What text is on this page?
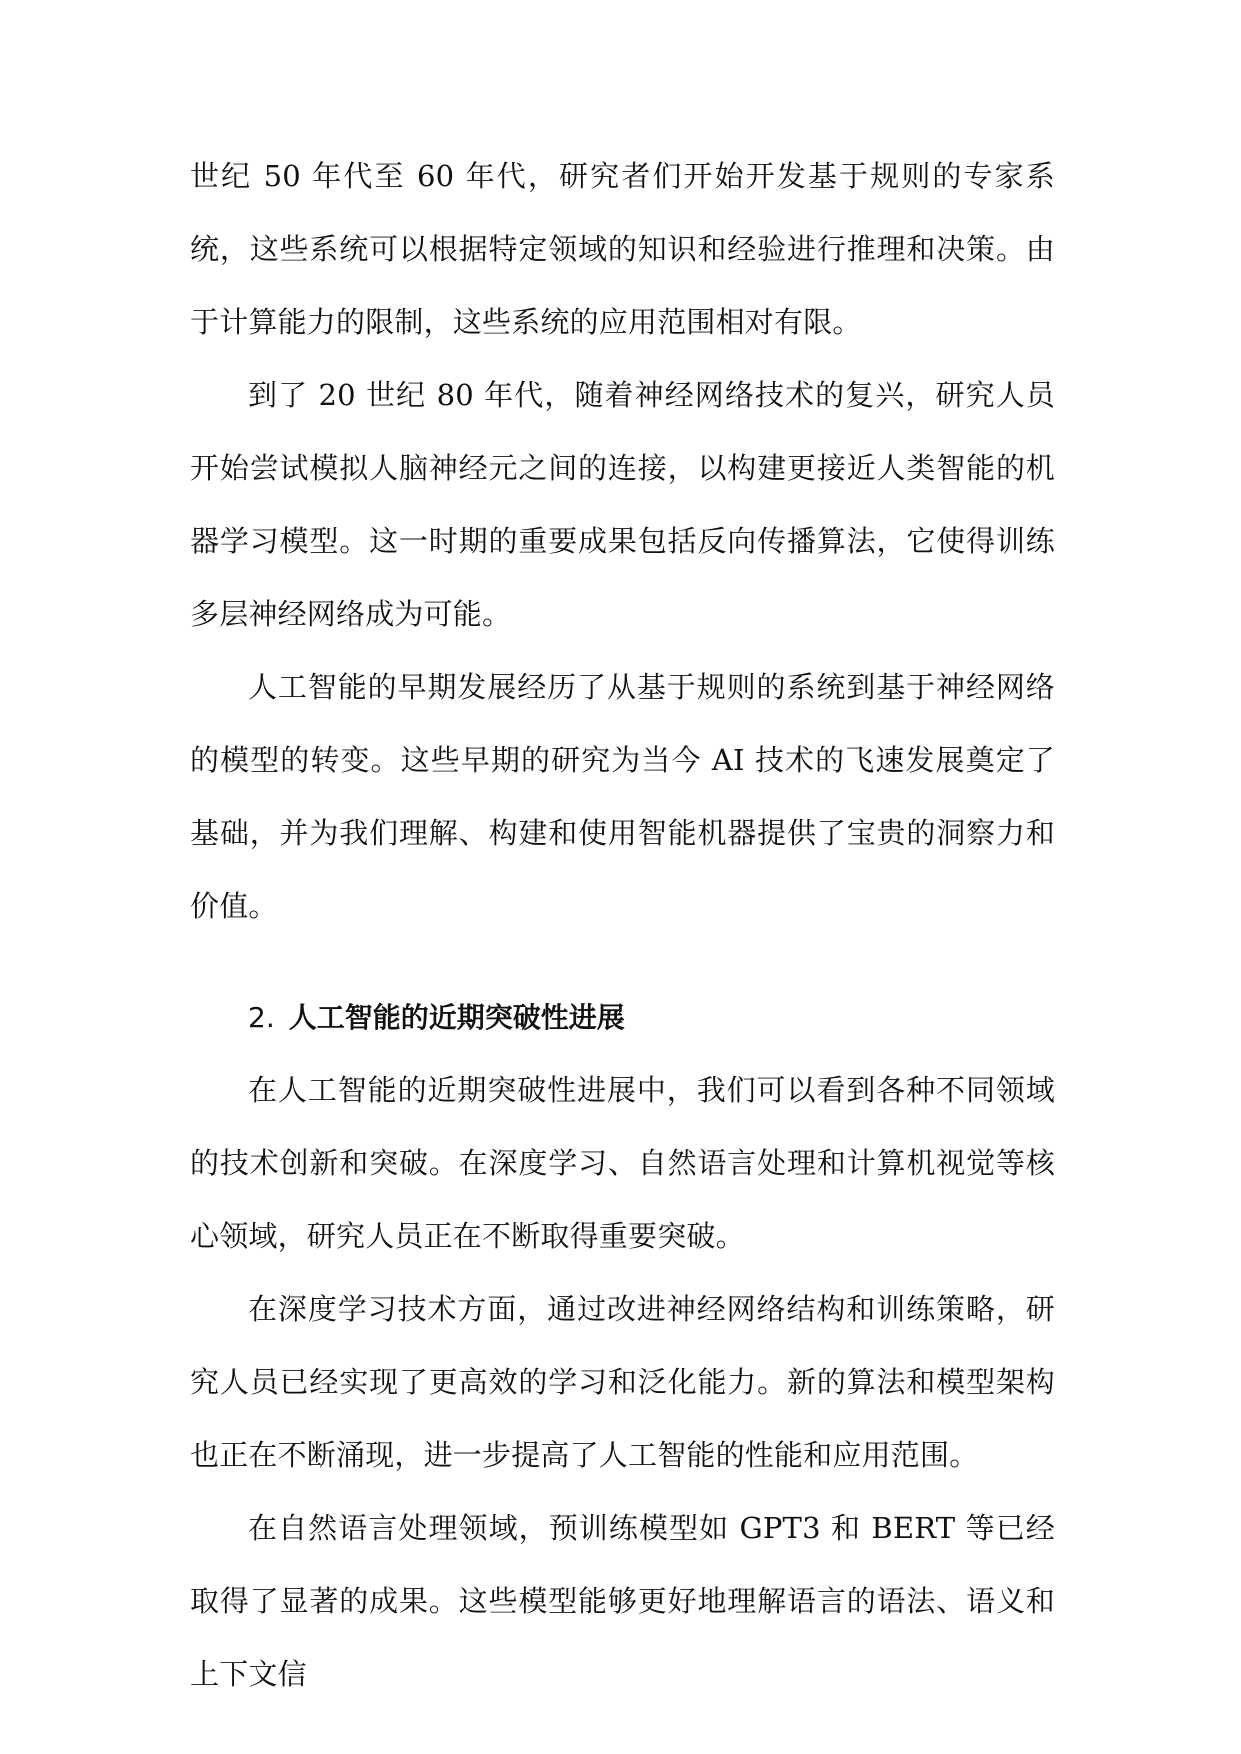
世纪 50 年代至 60 年代，研究者们开始开发基于规则的专家系统，这些系统可以根据特定领域的知识和经验进行推理和决策。由于计算能力的限制，这些系统的应用范围相对有限。

到了 20 世纪 80 年代，随着神经网络技术的复兴，研究人员开始尝试模拟人脑神经元之间的连接，以构建更接近人类智能的机器学习模型。这一时期的重要成果包括反向传播算法，它使得训练多层神经网络成为可能。

人工智能的早期发展经历了从基于规则的系统到基于神经网络的模型的转变。这些早期的研究为当今 AI 技术的飞速发展奠定了基础，并为我们理解、构建和使用智能机器提供了宝贵的洞察力和价值。

2. 人工智能的近期突破性进展

在人工智能的近期突破性进展中，我们可以看到各种不同领域的技术创新和突破。在深度学习、自然语言处理和计算机视觉等核心领域，研究人员正在不断取得重要突破。

在深度学习技术方面，通过改进神经网络结构和训练策略，研究人员已经实现了更高效的学习和泛化能力。新的算法和模型架构也正在不断涌现，进一步提高了人工智能的性能和应用范围。

在自然语言处理领域，预训练模型如 GPT3 和 BERT 等已经取得了显著的成果。这些模型能够更好地理解语言的语法、语义和上下文信
